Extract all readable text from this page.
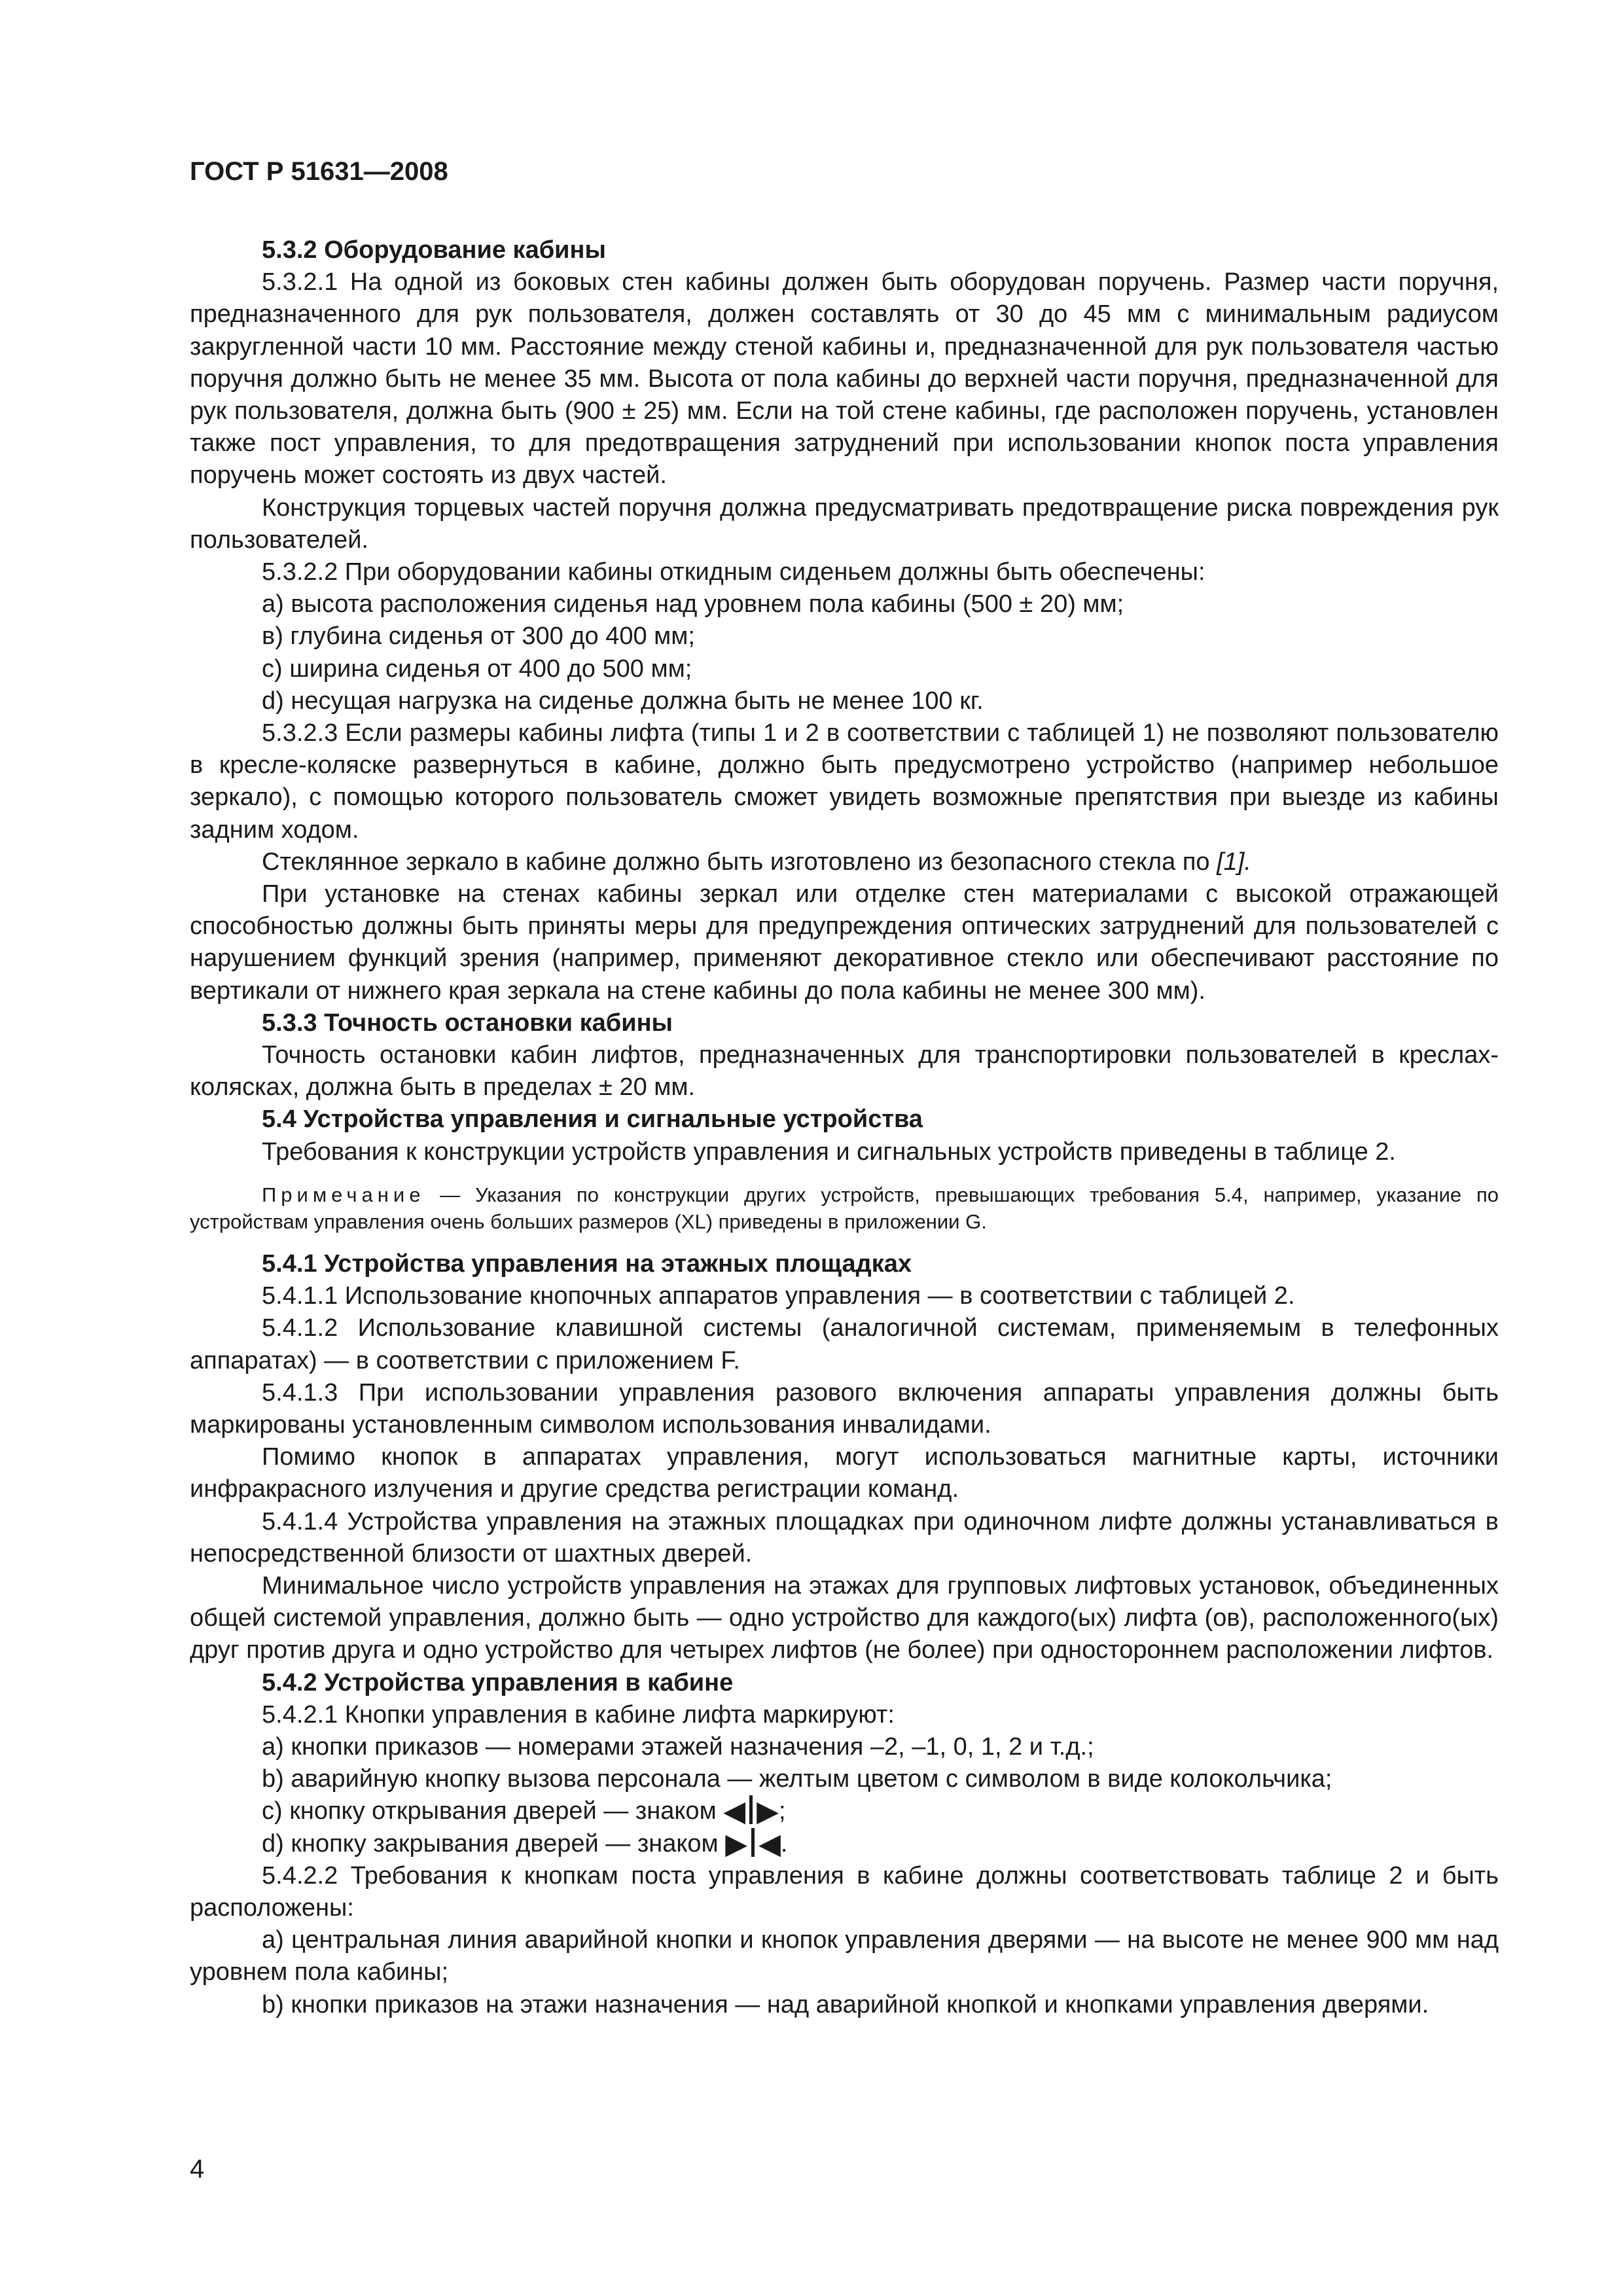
ГОСТ Р 51631—2008

5.3.2 Оборудование кабины

5.3.2.1 На одной из боковых стен кабины должен быть оборудован поручень. Размер части поручня, предназначенного для рук пользователя, должен составлять от 30 до 45 мм с минимальным радиусом закругленной части 10 мм. Расстояние между стеной кабины и, предназначенной для рук пользователя частью поручня должно быть не менее 35 мм. Высота от пола кабины до верхней части поручня, предназначенной для рук пользователя, должна быть (900 ± 25) мм. Если на той стене кабины, где расположен поручень, установлен также пост управления, то для предотвращения затруднений при использовании кнопок поста управления поручень может состоять из двух частей.

Конструкция торцевых частей поручня должна предусматривать предотвращение риска повреждения рук пользователей.

5.3.2.2 При оборудовании кабины откидным сиденьем должны быть обеспечены:

а) высота расположения сиденья над уровнем пола кабины (500 ± 20) мм;

в) глубина сиденья от 300 до 400 мм;

с) ширина сиденья от 400 до 500 мм;

d) несущая нагрузка на сиденье должна быть не менее 100 кг.

5.3.2.3 Если размеры кабины лифта (типы 1 и 2 в соответствии с таблицей 1) не позволяют пользователю в кресле-коляске развернуться в кабине, должно быть предусмотрено устройство (например небольшое зеркало), с помощью которого пользователь сможет увидеть возможные препятствия при выезде из кабины задним ходом.

Стеклянное зеркало в кабине должно быть изготовлено из безопасного стекла по [1].

При установке на стенах кабины зеркал или отделке стен материалами с высокой отражающей способностью должны быть приняты меры для предупреждения оптических затруднений для пользователей с нарушением функций зрения (например, применяют декоративное стекло или обеспечивают расстояние по вертикали от нижнего края зеркала на стене кабины до пола кабины не менее 300 мм).

5.3.3 Точность остановки кабины

Точность остановки кабин лифтов, предназначенных для транспортировки пользователей в креслах-колясках, должна быть в пределах ± 20 мм.

5.4 Устройства управления и сигнальные устройства

Требования к конструкции устройств управления и сигнальных устройств приведены в таблице 2.

Примечание — Указания по конструкции других устройств, превышающих требования 5.4, например, указание по устройствам управления очень больших размеров (XL) приведены в приложении G.

5.4.1 Устройства управления на этажных площадках

5.4.1.1 Использование кнопочных аппаратов управления — в соответствии с таблицей 2.

5.4.1.2 Использование клавишной системы (аналогичной системам, применяемым в телефонных аппаратах) — в соответствии с приложением F.

5.4.1.3 При использовании управления разового включения аппараты управления должны быть маркированы установленным символом использования инвалидами.

Помимо кнопок в аппаратах управления, могут использоваться магнитные карты, источники инфракрасного излучения и другие средства регистрации команд.

5.4.1.4 Устройства управления на этажных площадках при одиночном лифте должны устанавливаться в непосредственной близости от шахтных дверей.

Минимальное число устройств управления на этажах для групповых лифтовых установок, объединенных общей системой управления, должно быть — одно устройство для каждого(ых) лифта (ов), расположенного(ых) друг против друга и одно устройство для четырех лифтов (не более) при одностороннем расположении лифтов.

5.4.2 Устройства управления в кабине

5.4.2.1 Кнопки управления в кабине лифта маркируют:

а) кнопки приказов — номерами этажей назначения –2, –1, 0, 1, 2 и т.д.;

b) аварийную кнопку вызова персонала — желтым цветом с символом в виде колокольчика;

с) кнопку открывания дверей — знаком ◀ ▶;

d) кнопку закрывания дверей — знаком ▶ ◀.

5.4.2.2 Требования к кнопкам поста управления в кабине должны соответствовать таблице 2 и быть расположены:

а) центральная линия аварийной кнопки и кнопок управления дверями — на высоте не менее 900 мм над уровнем пола кабины;

b) кнопки приказов на этажи назначения — над аварийной кнопкой и кнопками управления дверями.

4
